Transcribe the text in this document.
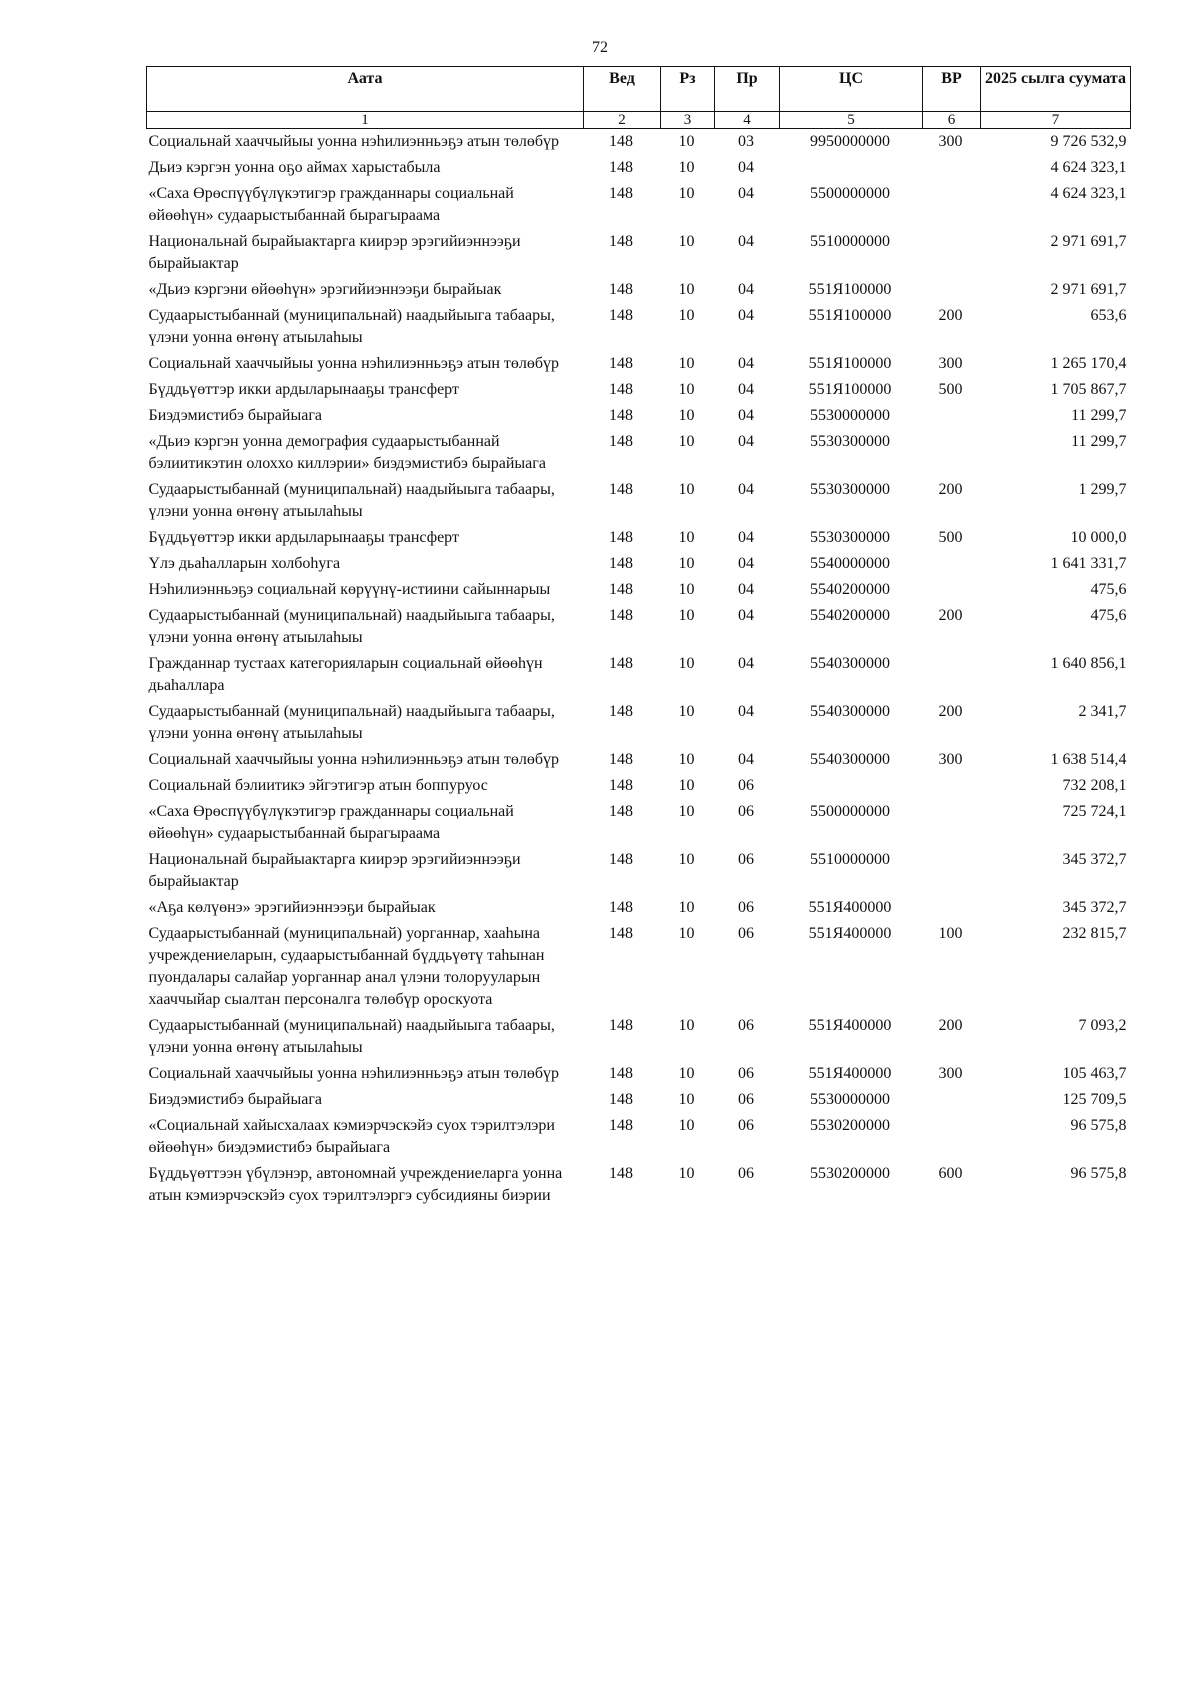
72
Аата	Вед	Рз	Пр	ЦС	ВР	2025 сылга суумата
1	2	3	4	5	6	7
Социальнай хааччыйыы уонна нэһилиэнньэҕэ атын төлөбүр	148	10	03	9950000000	300	9 726 532,9
Дьиэ кэргэн уонна оҕо аймах харыстабыла	148	10	04			4 624 323,1
«Саха Өрөспүүбүлүкэтигэр гражданнары социальнай өйөөһүн» судаарыстыбаннай бырагыраама	148	10	04	5500000000		4 624 323,1
Национальнай бырайыактарга киирэр эрэгийиэннээҕи бырайыактар	148	10	04	5510000000		2 971 691,7
«Дьиэ кэргэни өйөөһүн» эрэгийиэннээҕи бырайыак	148	10	04	551Я100000		2 971 691,7
Судаарыстыбаннай (муниципальнай) наадыйыыга табаары, үлэни уонна өҥөнү атыылаһыы	148	10	04	551Я100000	200	653,6
Социальнай хааччыйыы уонна нэһилиэнньэҕэ атын төлөбүр	148	10	04	551Я100000	300	1 265 170,4
Бүддьүөттэр икки ардыларынааҕы трансферт	148	10	04	551Я100000	500	1 705 867,7
Биэдэмистибэ бырайыага	148	10	04	5530000000		11 299,7
«Дьиэ кэргэн уонна демография судаарыстыбаннай бэлиитикэтин олоххо киллэрии» биэдэмистибэ бырайыага	148	10	04	5530300000		11 299,7
Судаарыстыбаннай (муниципальнай) наадыйыыга табаары, үлэни уонна өҥөнү атыылаһыы	148	10	04	5530300000	200	1 299,7
Бүддьүөттэр икки ардыларынааҕы трансферт	148	10	04	5530300000	500	10 000,0
Үлэ дьаһалларын холбоһуга	148	10	04	5540000000		1 641 331,7
Нэһилиэнньэҕэ социальнай көрүүнү-истиини сайыннарыы	148	10	04	5540200000		475,6
Судаарыстыбаннай (муниципальнай) наадыйыыга табаары, үлэни уонна өҥөнү атыылаһыы	148	10	04	5540200000	200	475,6
Гражданнар тустаах категорияларын социальнай өйөөһүн дьаһаллара	148	10	04	5540300000		1 640 856,1
Судаарыстыбаннай (муниципальнай) наадыйыыга табаары, үлэни уонна өҥөнү атыылаһыы	148	10	04	5540300000	200	2 341,7
Социальнай хааччыйыы уонна нэһилиэнньэҕэ атын төлөбүр	148	10	04	5540300000	300	1 638 514,4
Социальнай бэлиитикэ эйгэтигэр атын боппуруос	148	10	06			732 208,1
«Саха Өрөспүүбүлүкэтигэр гражданнары социальнай өйөөһүн» судаарыстыбаннай бырагыраама	148	10	06	5500000000		725 724,1
Национальнай бырайыактарга киирэр эрэгийиэннээҕи бырайыактар	148	10	06	5510000000		345 372,7
«Аҕа көлүөнэ» эрэгийиэннээҕи бырайыак	148	10	06	551Я400000		345 372,7
Судаарыстыбаннай (муниципальнай) уорганнар, хааһына учреждениеларын, судаарыстыбаннай бүддьүөтү таһынан пуондалары салайар уорганнар анал үлэни толорууларын хааччыйар сыалтан персоналга төлөбүр ороскуота	148	10	06	551Я400000	100	232 815,7
Судаарыстыбаннай (муниципальнай) наадыйыыга табаары, үлэни уонна өҥөнү атыылаһыы	148	10	06	551Я400000	200	7 093,2
Социальнай хааччыйыы уонна нэһилиэнньэҕэ атын төлөбүр	148	10	06	551Я400000	300	105 463,7
Биэдэмистибэ бырайыага	148	10	06	5530000000		125 709,5
«Социальнай хайысхалаах кэмиэрчэскэйэ суох тэрилтэлэри өйөөһүн» биэдэмистибэ бырайыага	148	10	06	5530200000		96 575,8
Бүддьүөттээн үбүлэнэр, автономнай учреждениеларга уонна атын кэмиэрчэскэйэ суох тэрилтэлэргэ субсидияны биэрии	148	10	06	5530200000	600	96 575,8
